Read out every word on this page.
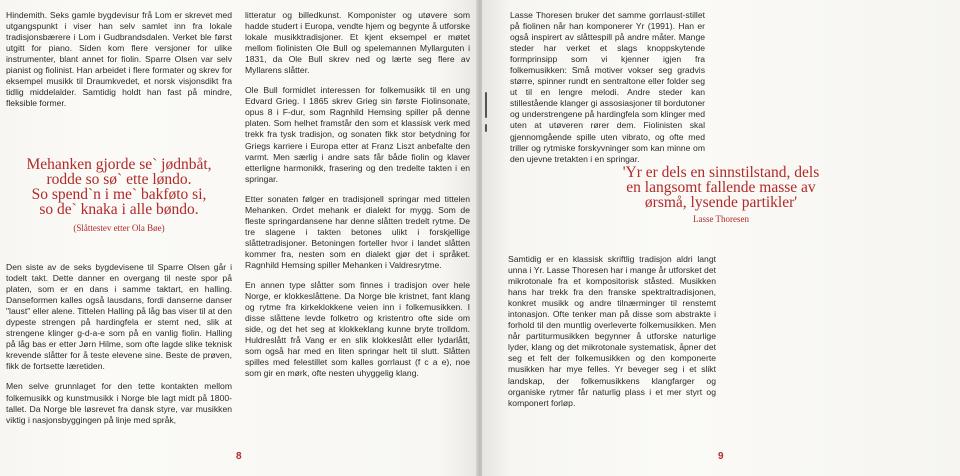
Hindemith. Seks gamle bygdevisur frå Lom er skrevet med utgangspunkt i viser han selv samlet inn fra lokale tradisjonsbærere i Lom i Gudbrandsdalen. Verket ble først utgitt for piano. Siden kom flere versjoner for ulike instrumenter, blant annet for fiolin. Sparre Olsen var selv pianist og fiolinist. Han arbeidet i flere formater og skrev for eksempel musikk til Draumkvedet, et norsk visjonsdikt fra tidlig middelalder. Samtidig holdt han fast på mindre, fleksible former.

Mehanken gjorde se` jødnbåt,

rodde so sø` ette løndo.

So spend`n i me` bakføto si,

so de` knaka i alle bøndo.

(Slåttestev etter Ola Bøe)

Den siste av de seks bygdevisene til Sparre Olsen går i todelt takt. Dette danner en overgang til neste spor på platen, som er en dans i samme taktart, en halling. Danseformen kalles også lausdans, fordi danserne danser "laust" eller alene. Tittelen Halling på låg bas viser til at den dypeste strengen på hardingfela er stemt ned, slik at strengene klinger g-d-a-e som på en vanlig fiolin. Halling på låg bas er etter Jørn Hilme, som ofte lagde slike teknisk krevende slåtter for å teste elevene sine. Beste de prøven, fikk de fortsette læretiden.

Men selve grunnlaget for den tette kontakten mellom folkemusikk og kunstmusikk i Norge ble lagt midt på 1800-tallet. Da Norge ble løsrevet fra dansk styre, var musikken viktig i nasjonsbyggingen på linje med språk,

litteratur og billedkunst. Komponister og utøvere som hadde studert i Europa, vendte hjem og begynte å utforske lokale musikktradisjoner. Et kjent eksempel er møtet mellom fiolinisten Ole Bull og spelemannen Myllarguten i 1831, da Ole Bull skrev ned og lærte seg flere av Myllarens slåtter.

Ole Bull formidlet interessen for folkemusikk til en ung Edvard Grieg. I 1865 skrev Grieg sin første Fiolinsonate, opus 8 i F-dur, som Ragnhild Hemsing spiller på denne platen. Som helhet framstår den som et klassisk verk med trekk fra tysk tradisjon, og sonaten fikk stor betydning for Griegs karriere i Europa etter at Franz Liszt anbefalte den varmt. Men særlig i andre sats får både fiolin og klaver etterligne harmonikk, frasering og den tredelte takten i en springar.

Etter sonaten følger en tradisjonell springar med tittelen Mehanken. Ordet mehank er dialekt for mygg. Som de fleste springardansene har denne slåtten tredelt rytme. De tre slagene i takten betones ulikt i forskjellige slåttetradisjoner. Betoningen forteller hvor i landet slåtten kommer fra, nesten som en dialekt gjør det i språket. Ragnhild Hemsing spiller Mehanken i Valdresrytme.

En annen type slåtter som finnes i tradisjon over hele Norge, er klokkeslåttene. Da Norge ble kristnet, fant klang og rytme fra kirkeklokkene veien inn i folkemusikken. I disse slåttene levde folketro og kristentro ofte side om side, og det het seg at klokkeklang kunne bryte trolldom. Huldreslått frå Vang er en slik klokkeslått eller lydarlått, som også har med en liten springar helt til slutt. Slåtten spilles med felestillet som kalles gorrlaust (f c a e), noe som gir en mørk, ofte nesten uhyggelig klang.

8

Lasse Thoresen bruker det samme gorrlaust-stillet på fiolinen når han komponerer Yr (1991). Han er også inspirert av slåttespill på andre måter. Mange steder har verket et slags knoppskytende formprinsipp som vi kjenner igjen fra folkemusikken: Små motiver vokser seg gradvis større, spinner rundt en sentraltone eller folder seg ut til en lengre melodi. Andre steder kan stillestående klanger gi assosiasjoner til bordutoner og understrengene på hardingfela som klinger med uten at utøveren rører dem. Fiolinisten skal gjennomgående spille uten vibrato, og ofte med triller og rytmiske forskyvninger som kan minne om den ujevne tretakten i en springar.

'Yr er dels en sinnstilstand, dels
en langsomt fallende masse av
ørsmå, lysende partikler'
Lasse Thoresen

Samtidig er en klassisk skriftlig tradisjon aldri langt unna i Yr. Lasse Thoresen har i mange år utforsket det mikrotonale fra et kompositorisk ståsted. Musikken hans har trekk fra den franske spektraltradisjonen, konkret musikk og andre tilnærminger til renstemt intonasjon. Ofte tenker man på disse som abstrakte i forhold til den muntlig overleverte folkemusikken. Men når partiturmusikken begynner å utforske naturlige lyder, klang og det mikrotonale systematisk, åpner det seg et felt der folkemusikken og den komponerte musikken har mye felles. Yr beveger seg i et slikt landskap, der folkemusikkens klangfarger og organiske rytmer får naturlig plass i et mer styrt og komponert forløp.

9
